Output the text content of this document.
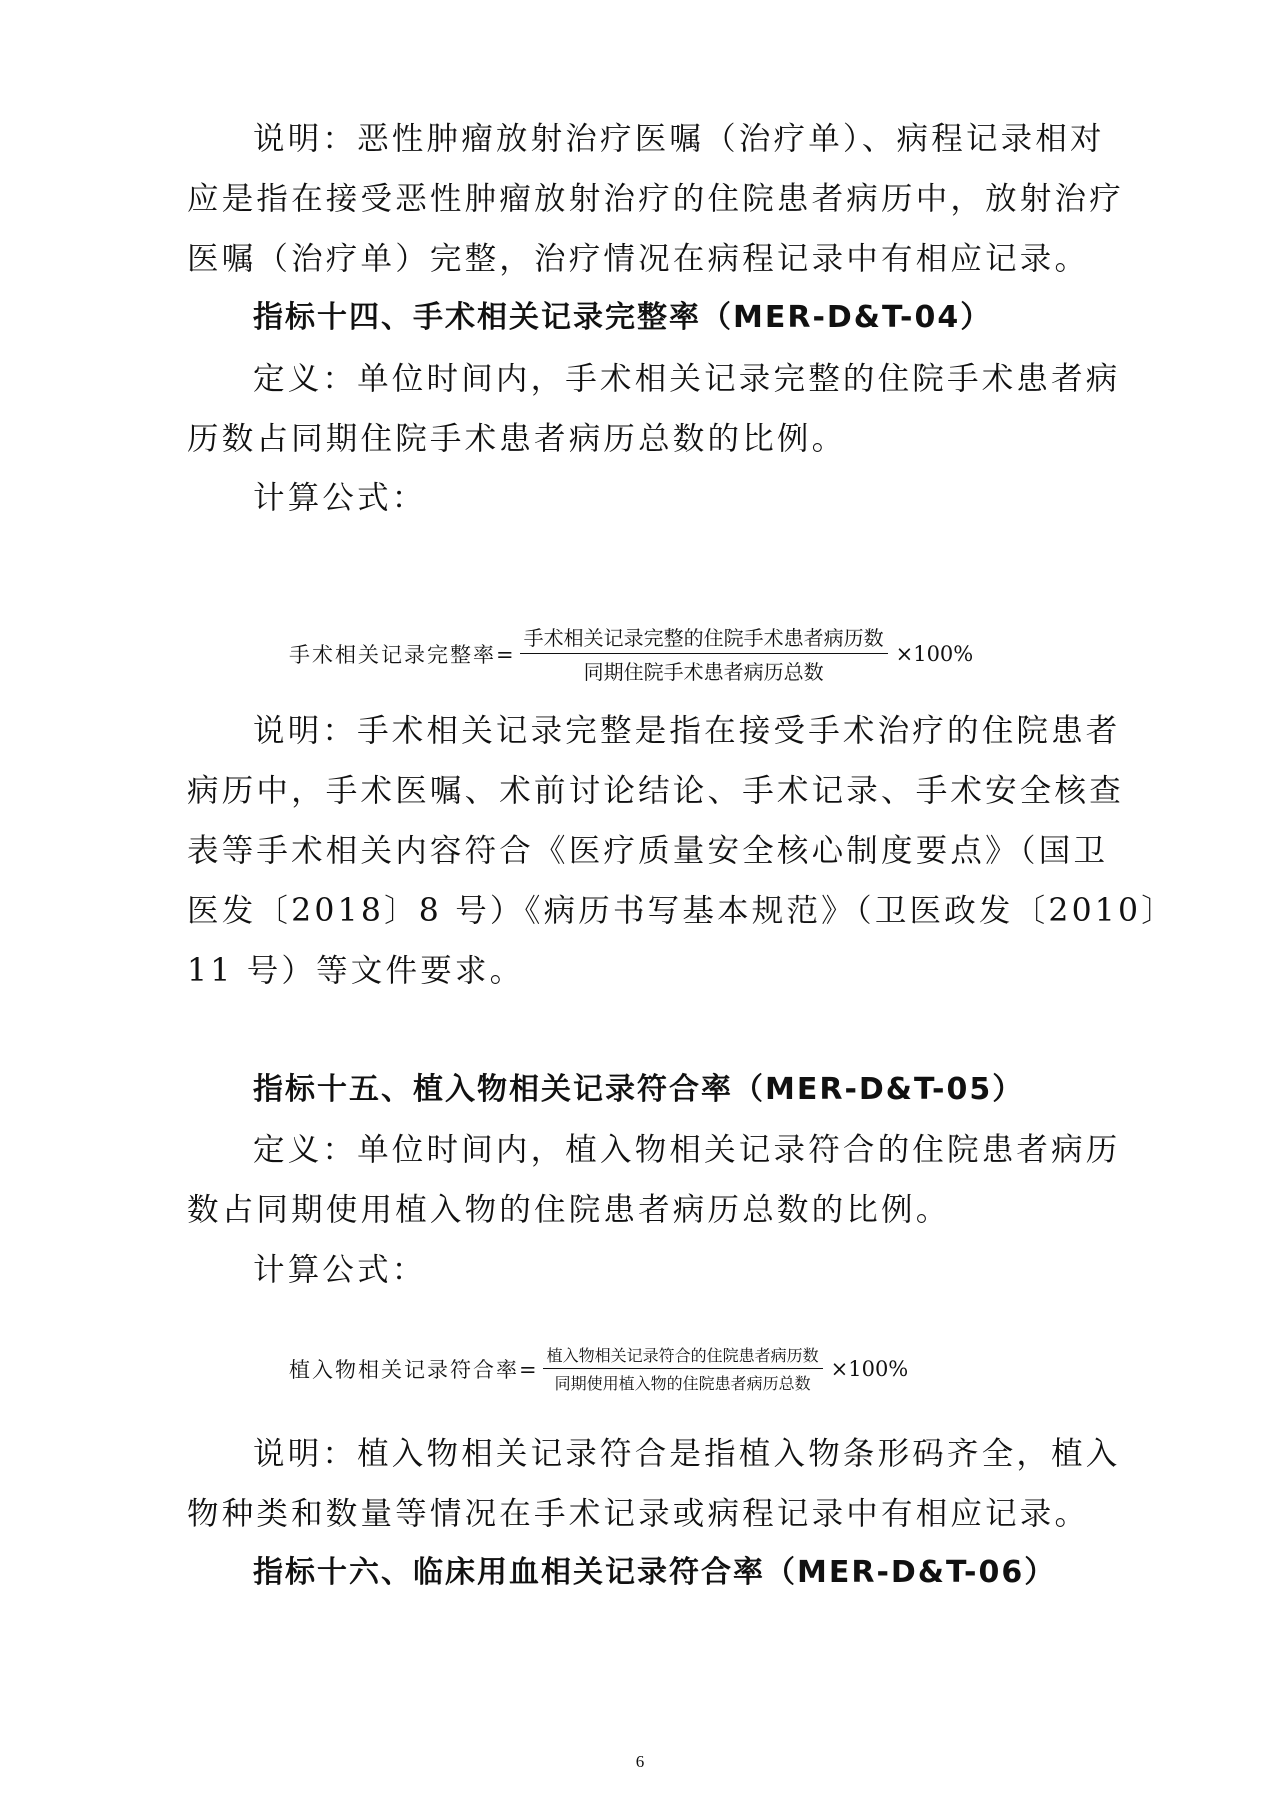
说明：恶性肿瘤放射治疗医嘱（治疗单）、病程记录相对
应是指在接受恶性肿瘤放射治疗的住院患者病历中，放射治疗
医嘱（治疗单）完整，治疗情况在病程记录中有相应记录。
指标十四、手术相关记录完整率（MER-D&T-04）
定义：单位时间内，手术相关记录完整的住院手术患者病
历数占同期住院手术患者病历总数的比例。
计算公式：
手术相关记录完整率= $\frac{\text{手术相关记录完整的住院手术患者病历数}}{\text{同期住院手术患者病历总数}} \times 100\%$
说明：手术相关记录完整是指在接受手术治疗的住院患者
病历中，手术医嘱、术前讨论结论、手术记录、手术安全核查
表等手术相关内容符合《医疗质量安全核心制度要点》（国卫
医发〔2018〕8 号）《病历书写基本规范》（卫医政发〔2010〕
11 号）等文件要求。
指标十五、植入物相关记录符合率（MER-D&T-05）
定义：单位时间内，植入物相关记录符合的住院患者病历
数占同期使用植入物的住院患者病历总数的比例。
计算公式：
植入物相关记录符合率= $\frac{\text{植入物相关记录符合的住院患者病历数}}{\text{同期使用植入物的住院患者病历总数}} \times 100\%$
说明：植入物相关记录符合是指植入物条形码齐全，植入
物种类和数量等情况在手术记录或病程记录中有相应记录。
指标十六、临床用血相关记录符合率（MER-D&T-06）
6
